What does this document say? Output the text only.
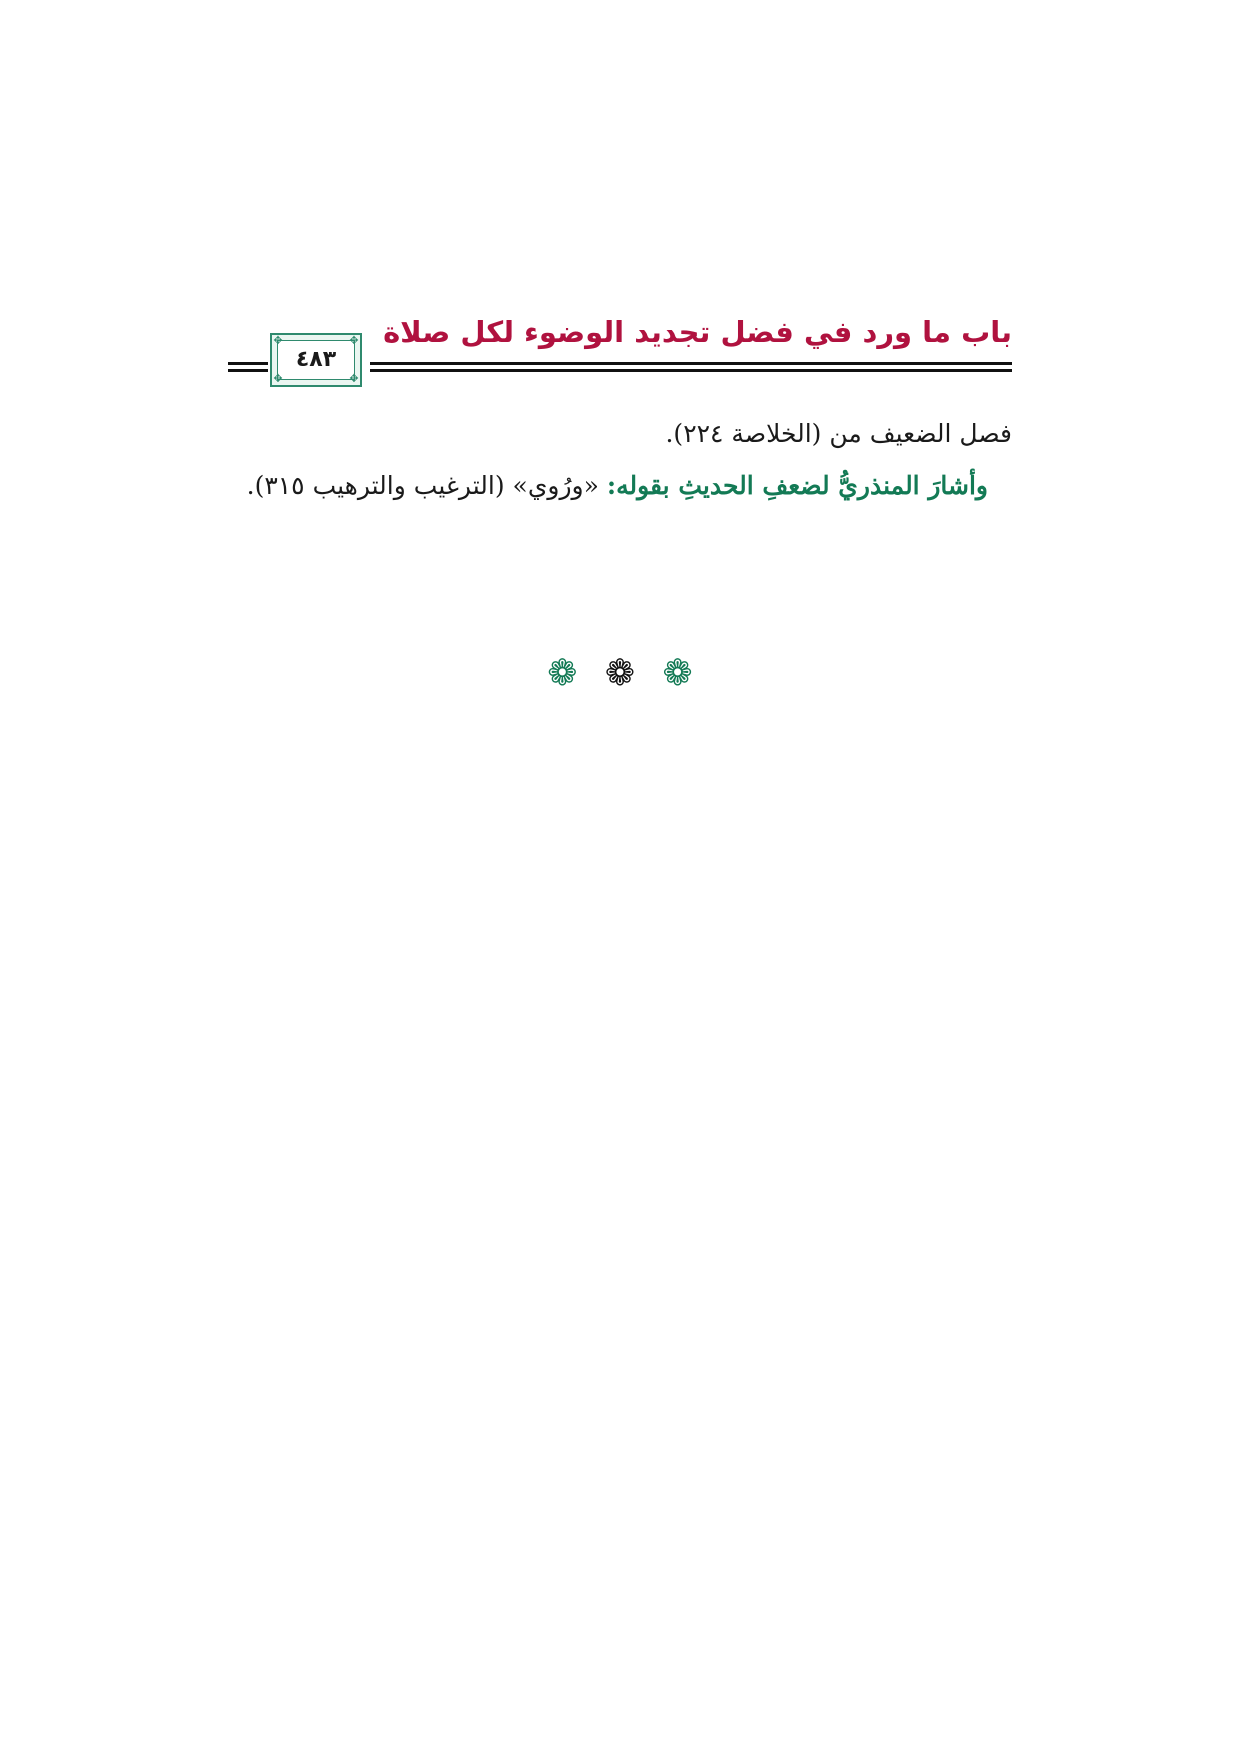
باب ما ورد في فضل تجديد الوضوء لكل صلاة
✥	✥
✥	✥
٤٨٣

فصل الضعيف من (الخلاصة ٢٢٤).

وأشارَ المنذريُّ لضعفِ الحديثِ بقوله: «ورُوي» (الترغيب والترهيب ٣١٥).

❁ ❁ ❁
